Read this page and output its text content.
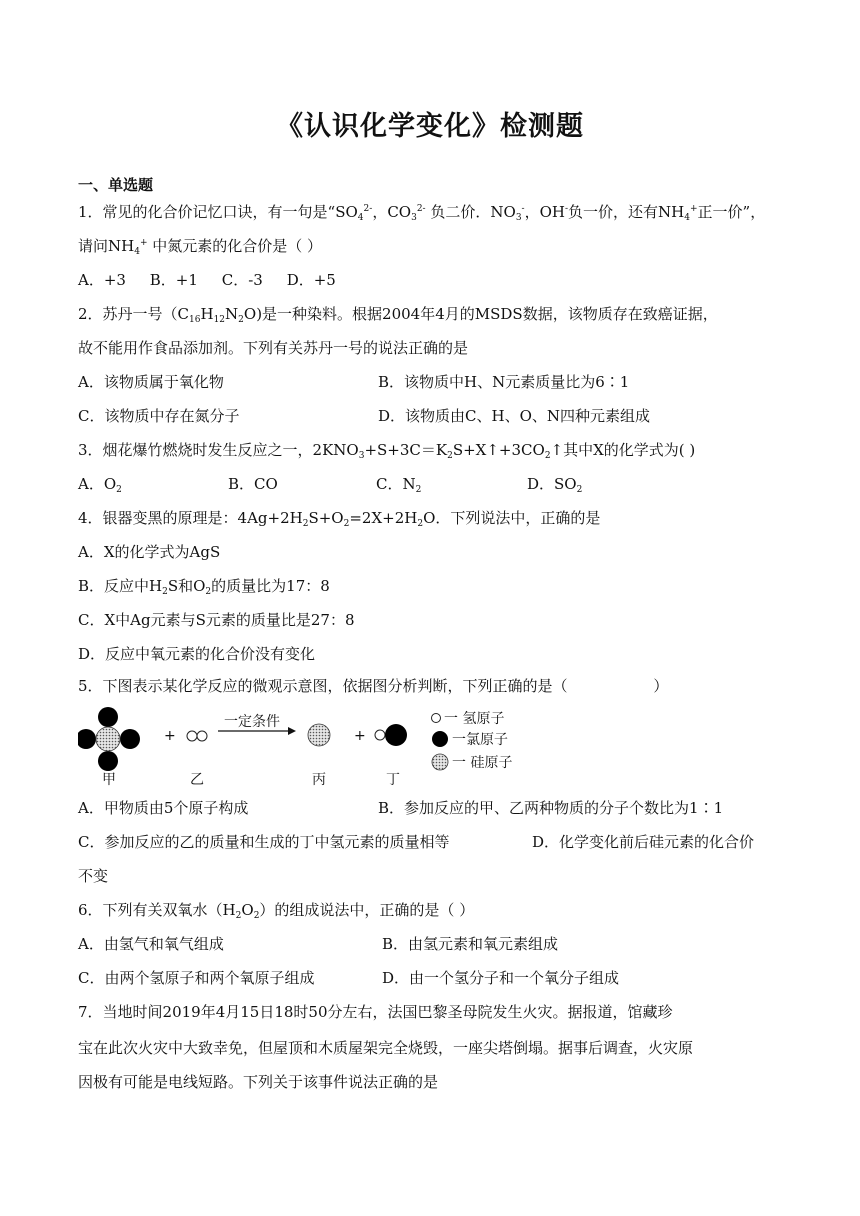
《认识化学变化》检测题
一、单选题
1．常见的化合价记忆口诀，有一句是“$SO_4^{2-}$，$CO_3^{2-}$ 负二价．$NO_3^-$，OH-负一价，还有$NH_4^+$正一价”，
请问$NH_4^+$ 中氮元素的化合价是（ ）
A．+3     B．+1     C．-3     D．+5
2．苏丹一号$(C_{16}H_{12}N_2O)$是一种染料。根据2004年4月的MSDS数据，该物质存在致癌证据，
故不能用作食品添加剂。下列有关苏丹一号的说法正确的是
A．该物质属于氧化物	B．该物质中H、N元素质量比为6∶1
C．该物质中存在氮分子	D．该物质由C、H、O、N四种元素组成
3．烟花爆竹燃烧时发生反应之一，$2KNO_3+S+3C=K_2S+X↑+3CO_2↑$其中X的化学式为( )
A．$O_2$	B．CO	C．$N_2$	D．$SO_2$
4．银器变黑的原理是：$4Ag+2H_2S+O_2=2X+2H_2O$．下列说法中，正确的是
A．X的化学式为AgS
B．反应中$H_2S$和$O_2$的质量比为17：8
C．X中Ag元素与S元素的质量比是27：8
D．反应中氧元素的化合价没有变化
5．下图表示某化学反应的微观示意图，依据图分析判断，下列正确的是（                  ）
+
一定条件
+
甲	乙	丙	丁
一 氢原子
一氯原子
一 硅原子
A．甲物质由5个原子构成	B．参加反应的甲、乙两种物质的分子个数比为1∶1
C．参加反应的乙的质量和生成的丁中氢元素的质量相等	D．化学变化前后硅元素的化合价
不变
6．下列有关双氧水$(H_2O_2)$的组成说法中，正确的是（ ）
A．由氢气和氧气组成	B．由氢元素和氧元素组成
C．由两个氢原子和两个氧原子组成	D．由一个氢分子和一个氧分子组成
7．当地时间2019年4月15日18时50分左右，法国巴黎圣母院发生火灾。据报道，馆藏珍
宝在此次火灾中大致幸免，但屋顶和木质屋架完全烧毁，一座尖塔倒塌。据事后调查，火灾原
因极有可能是电线短路。下列关于该事件说法正确的是
